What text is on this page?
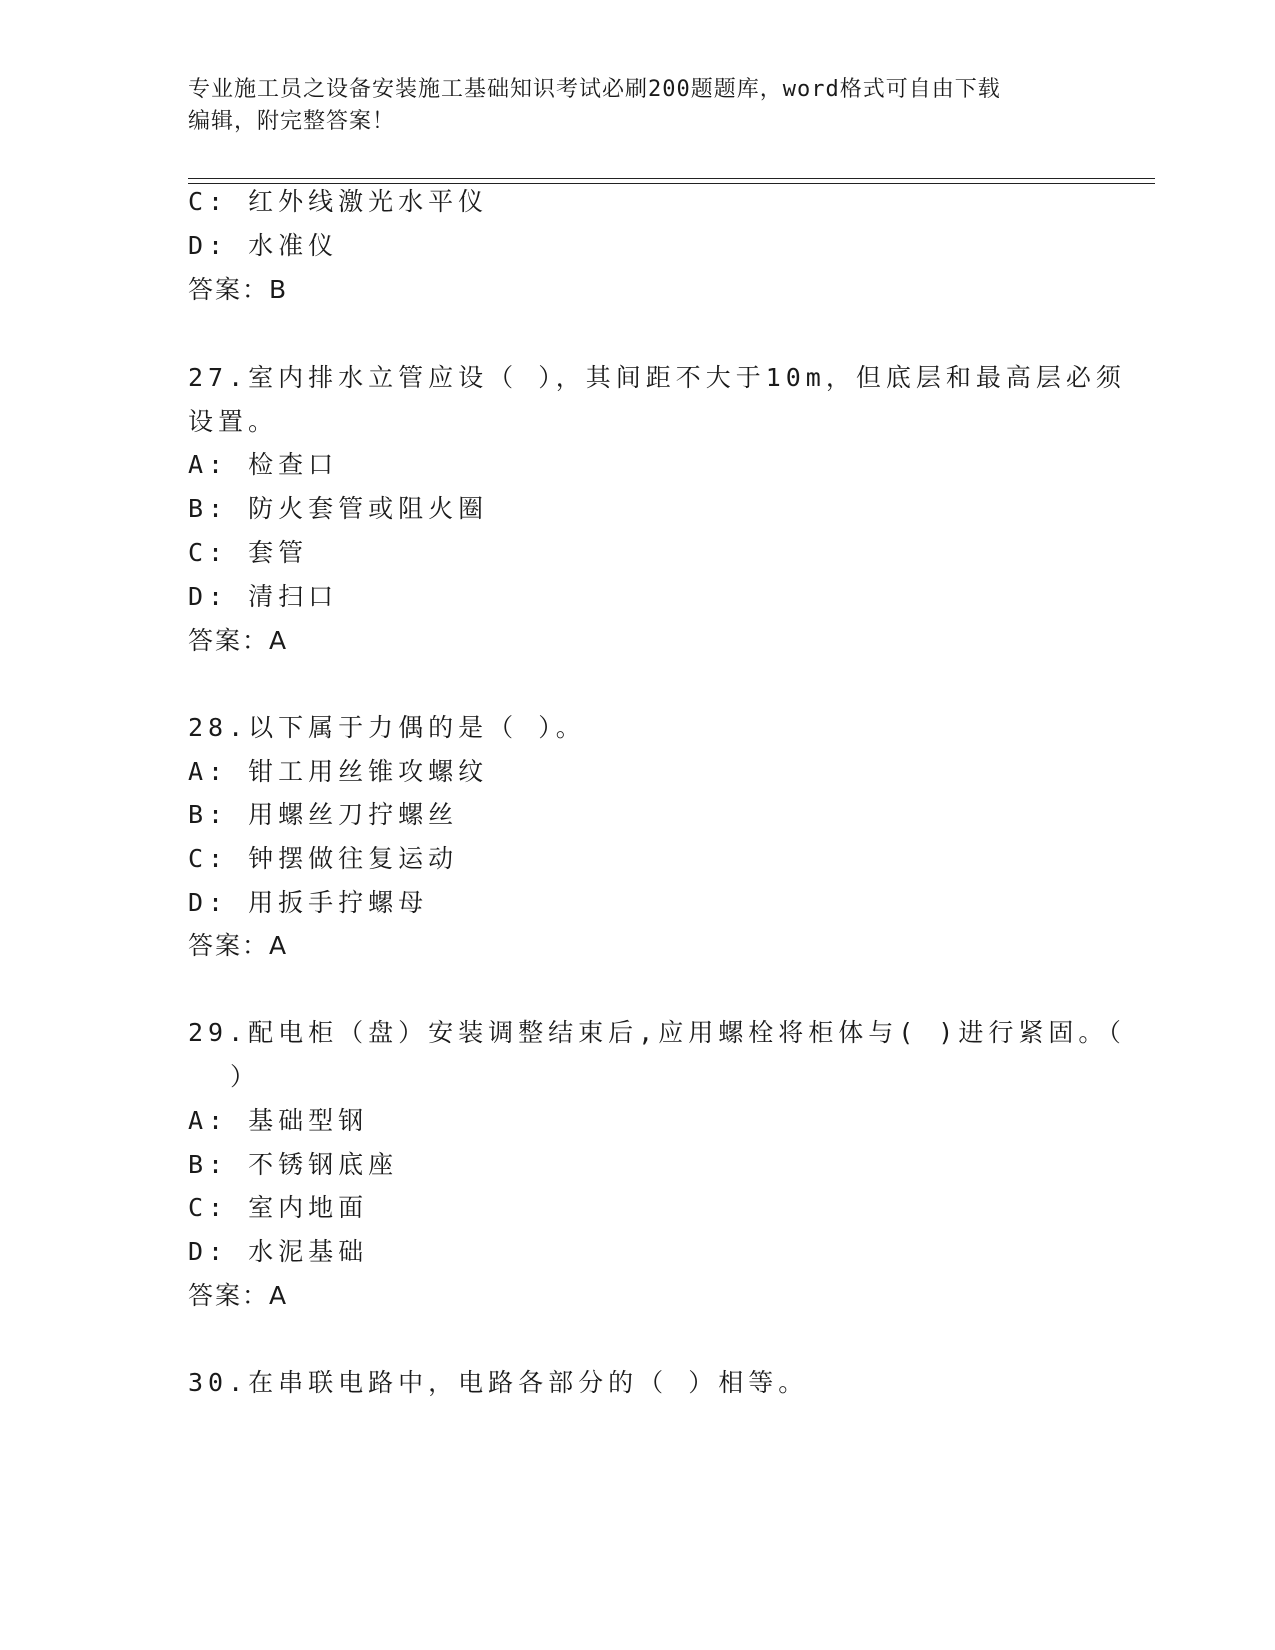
专业施工员之设备安装施工基础知识考试必刷200题题库，word格式可自由下载
编辑，附完整答案！
C: 红外线激光水平仪
D: 水准仪
答案：B
27.室内排水立管应设（ ），其间距不大于10m，但底层和最高层必须
设置。
A: 检查口
B: 防火套管或阻火圈
C: 套管
D: 清扫口
答案：A
28.以下属于力偶的是（ ）。
A: 钳工用丝锥攻螺纹
B: 用螺丝刀拧螺丝
C: 钟摆做往复运动
D: 用扳手拧螺母
答案：A
29.配电柜（盘）安装调整结束后,应用螺栓将柜体与( )进行紧固。（
）
A: 基础型钢
B: 不锈钢底座
C: 室内地面
D: 水泥基础
答案：A
30.在串联电路中，电路各部分的（ ）相等。
